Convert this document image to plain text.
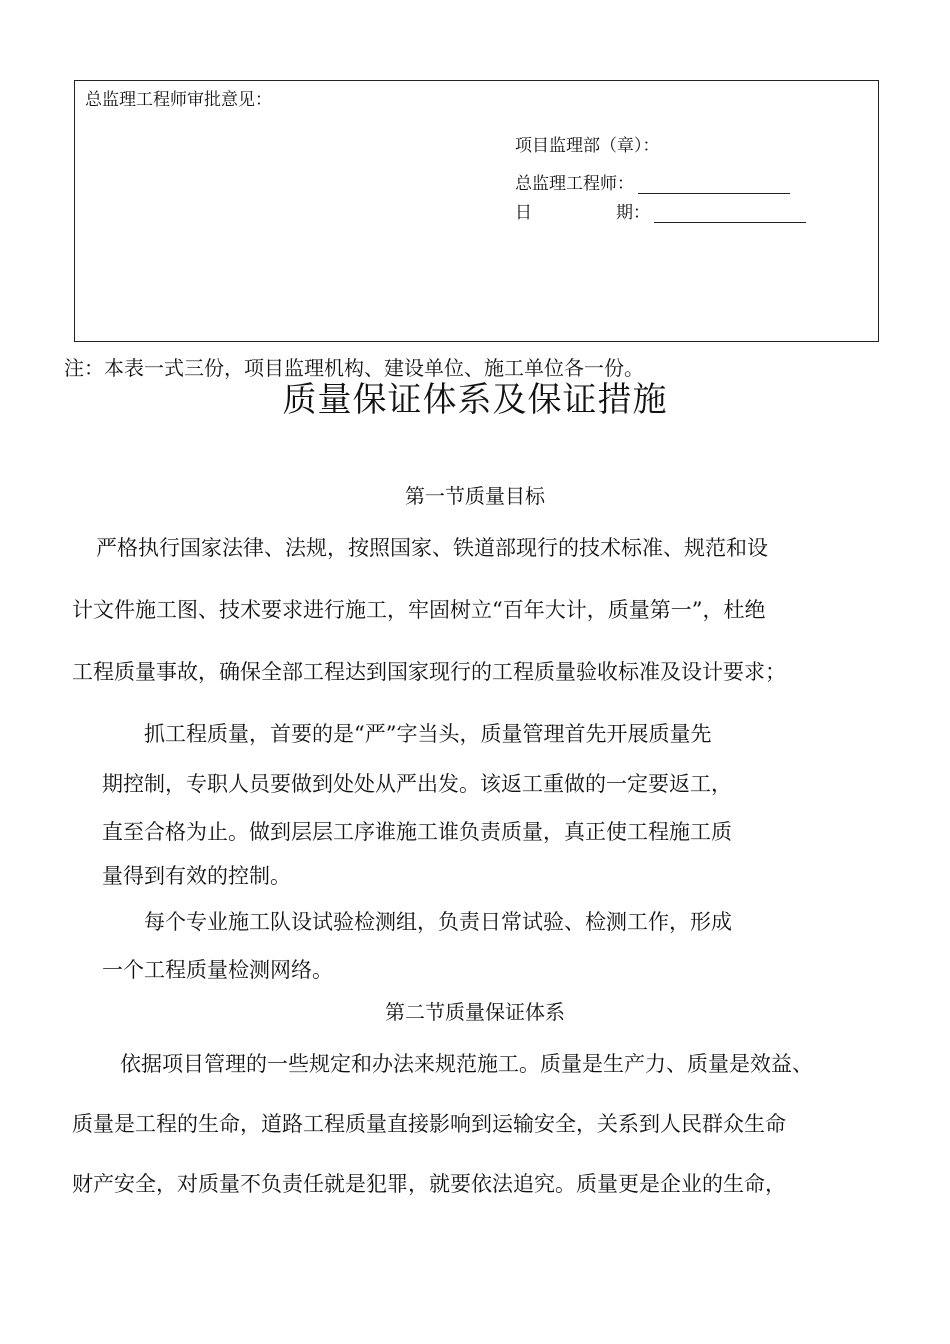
总监理工程师审批意见：
项目监理部（章）：
总监理工程师：
日	期：
注：本表一式三份，项目监理机构、建设单位、施工单位各一份。
质量保证体系及保证措施
第一节质量目标
严格执行国家法律、法规，按照国家、铁道部现行的技术标准、规范和设
计文件施工图、技术要求进行施工，牢固树立“百年大计，质量第一”，杜绝
工程质量事故，确保全部工程达到国家现行的工程质量验收标准及设计要求；
抓工程质量，首要的是“严”字当头，质量管理首先开展质量先
期控制，专职人员要做到处处从严出发。该返工重做的一定要返工，
直至合格为止。做到层层工序谁施工谁负责质量，真正使工程施工质
量得到有效的控制。
每个专业施工队设试验检测组，负责日常试验、检测工作，形成
一个工程质量检测网络。
第二节质量保证体系
依据项目管理的一些规定和办法来规范施工。质量是生产力、质量是效益、
质量是工程的生命，道路工程质量直接影响到运输安全，关系到人民群众生命
财产安全，对质量不负责任就是犯罪，就要依法追究。质量更是企业的生命，
